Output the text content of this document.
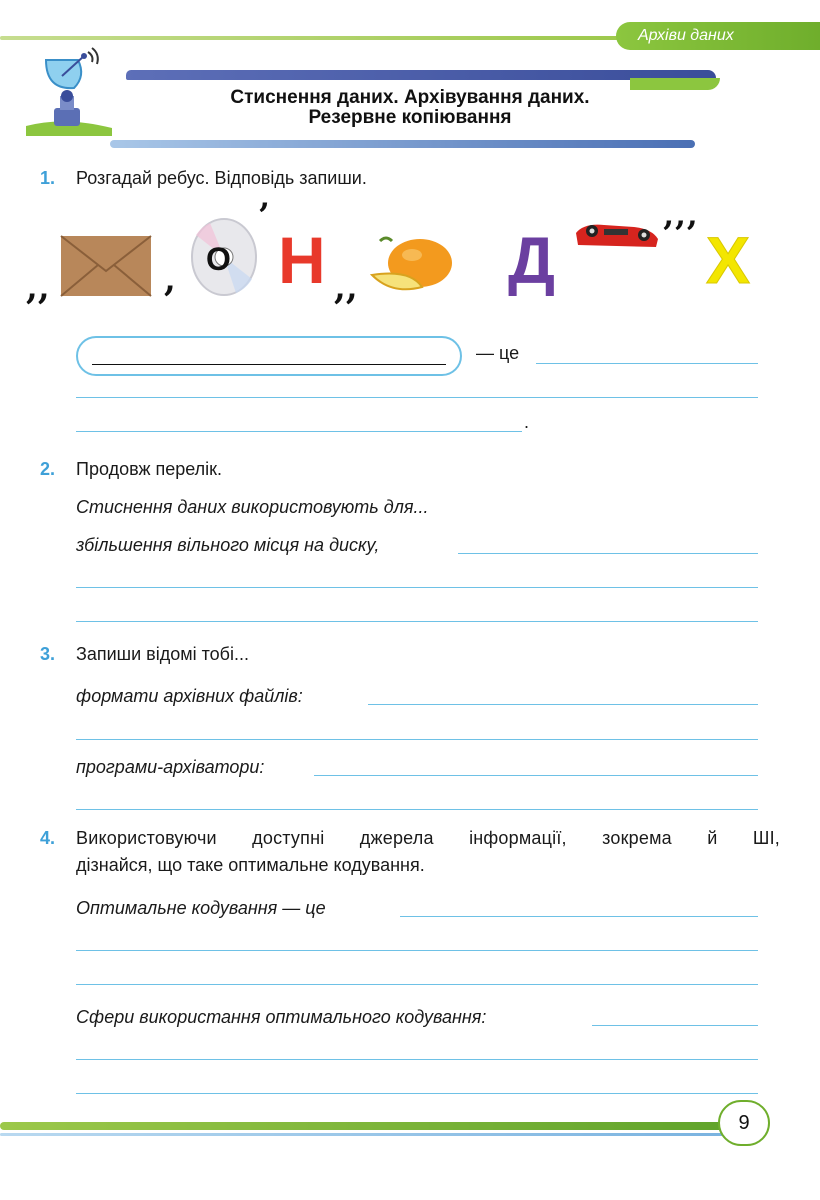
Архіви даних
Стиснення даних. Архівування даних.
Резервне копіювання
1. Розгадай ребус. Відповідь запиши.
,,	,
О
’
Н ,, Д	’’’ Х
— це
.
2. Продовж перелік.
Стиснення даних використовують для...
збільшення вільного місця на диску,
3. Запиши відомі тобі...
формати архівних файлів:
програми-архіватори:
4.	Використовуючи доступні джерела інформації, зокрема й ШІ,
дізнайся, що таке оптимальне кодування.
Оптимальне кодування — це
Сфери використання оптимального кодування:
9
